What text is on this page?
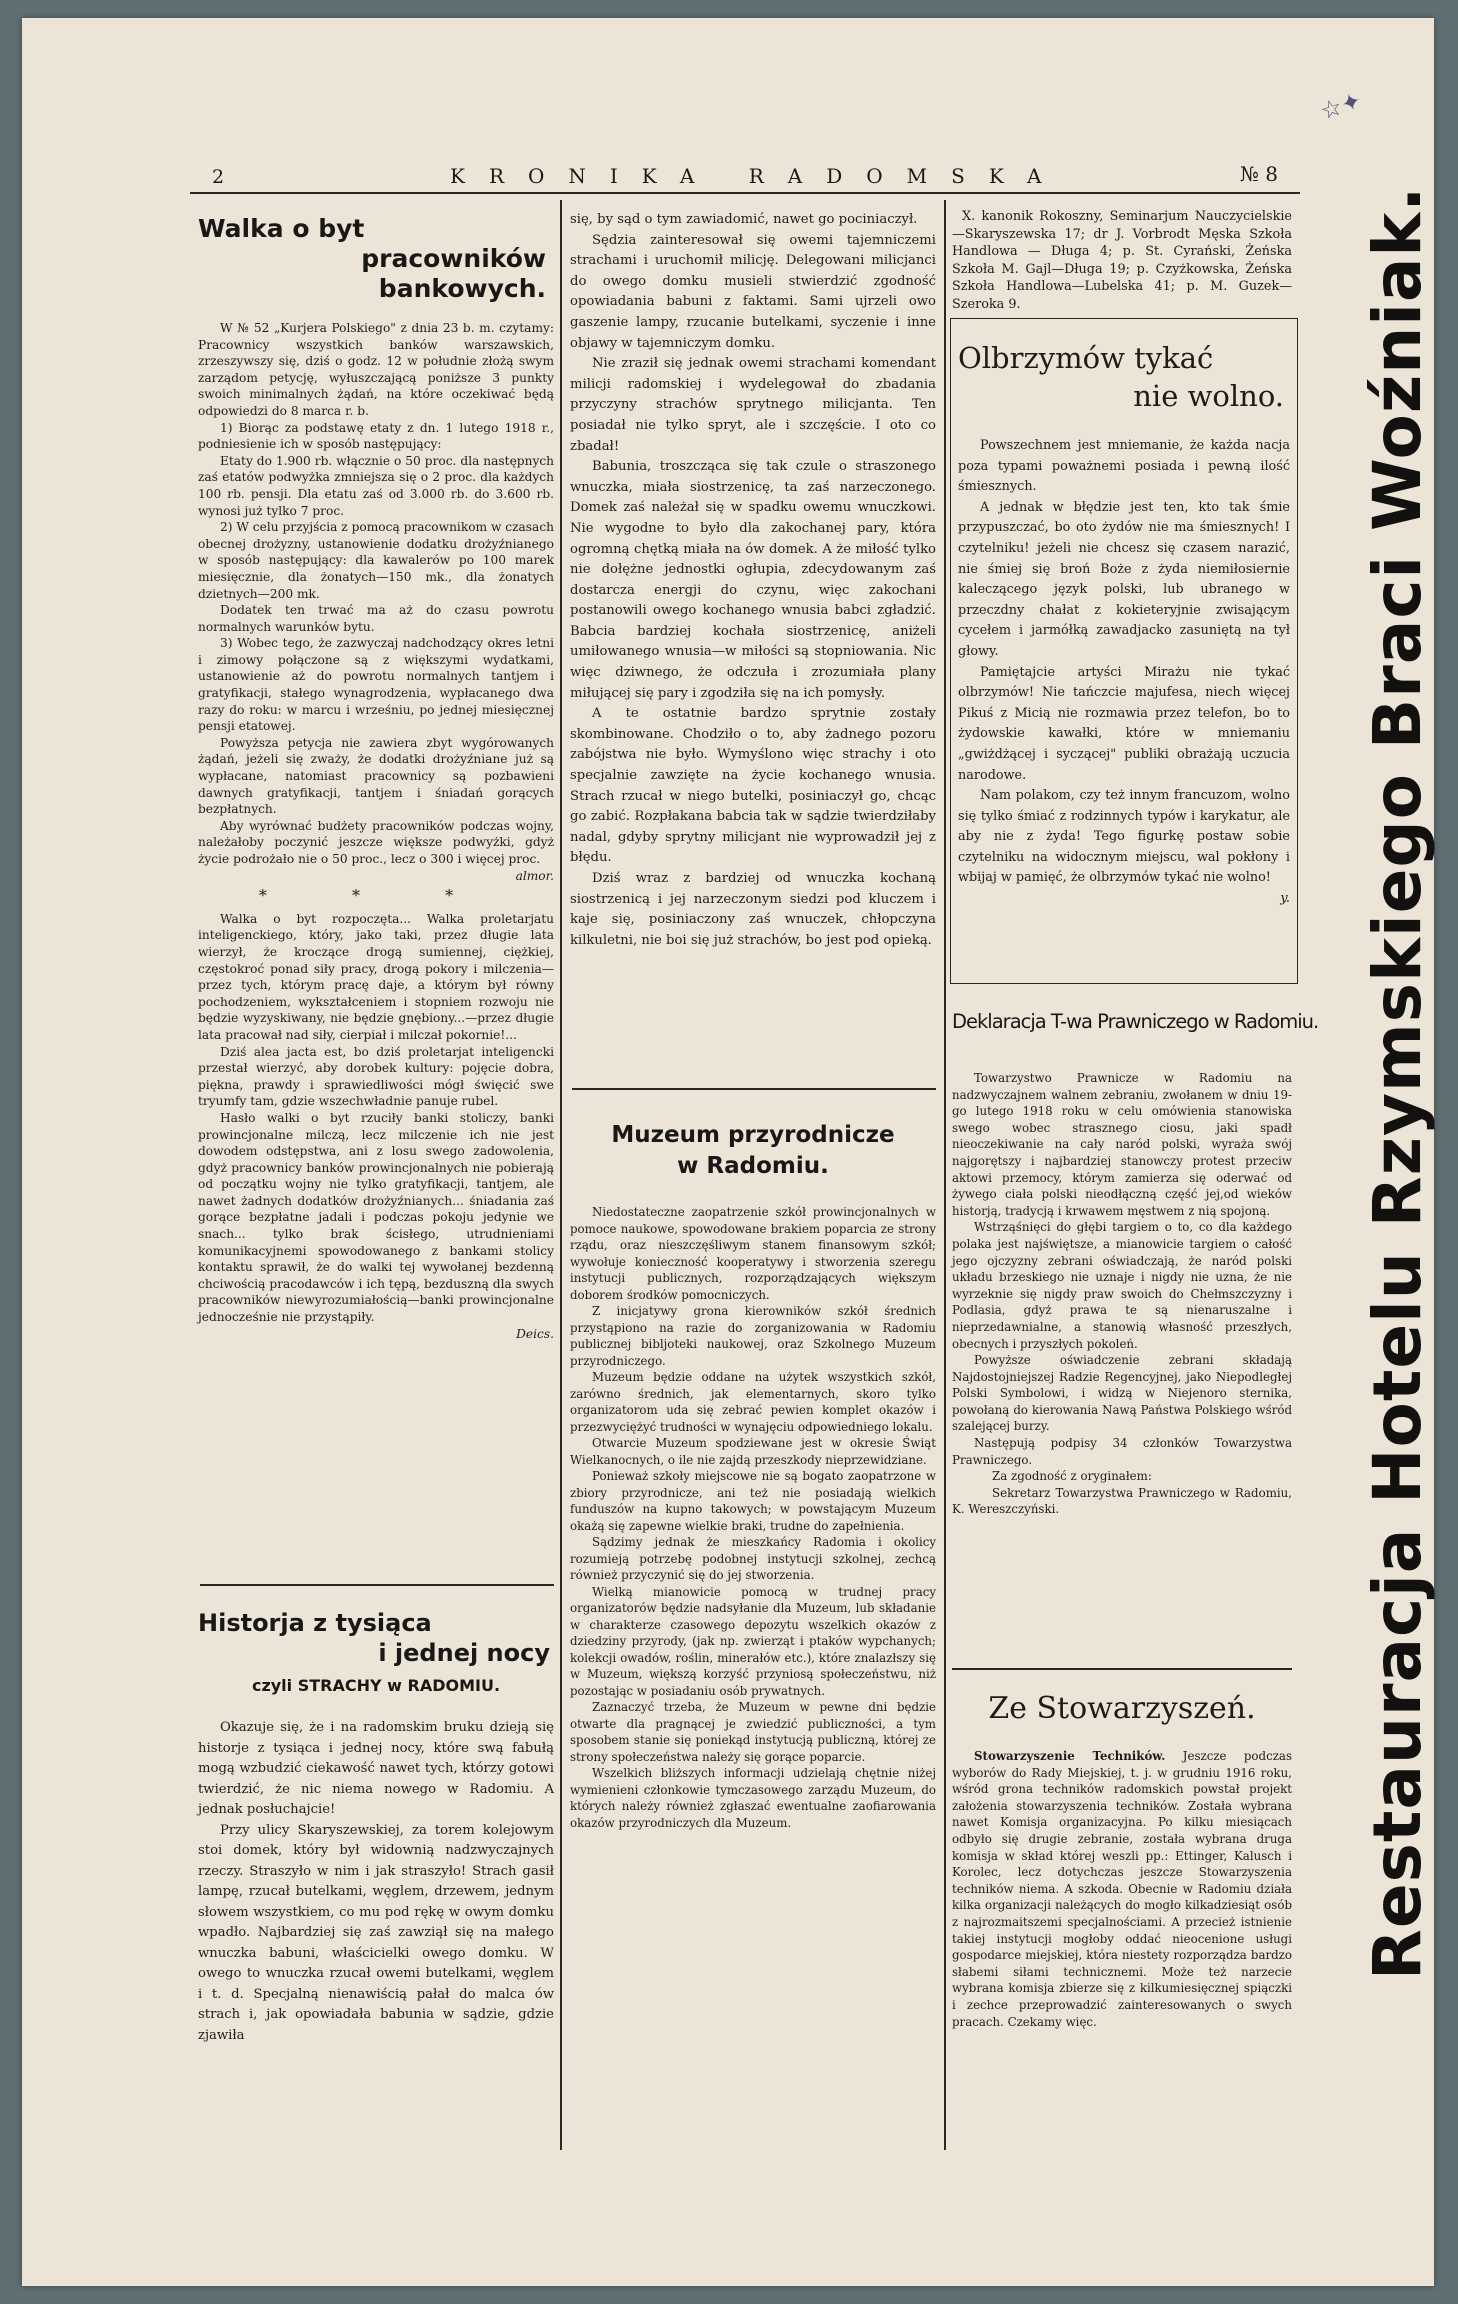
2	KRONIKA RADOMSKA	№ 8
Walka o byt
pracowników bankowych.

W № 52 „Kurjera Polskiego" z dnia 23 b. m. czytamy: Pracownicy wszystkich banków warszawskich, zrzeszywszy się, dziś o godz. 12 w południe złożą swym zarządom petycję, wyłuszczającą poniższe 3 punkty swoich minimalnych żądań, na które oczekiwać będą odpowiedzi do 8 marca r. b.

1) Biorąc za podstawę etaty z dn. 1 lutego 1918 r., podniesienie ich w sposób następujący:

Etaty do 1.900 rb. włącznie o 50 proc. dla następnych zaś etatów podwyżka zmniejsza się o 2 proc. dla każdych 100 rb. pensji. Dla etatu zaś od 3.000 rb. do 3.600 rb. wynosi już tylko 7 proc.

2) W celu przyjścia z pomocą pracownikom w czasach obecnej drożyzny, ustanowienie dodatku drożyźnianego w sposób następujący: dla kawalerów po 100 marek miesięcznie, dla żonatych—150 mk., dla żonatych dzietnych—200 mk.

Dodatek ten trwać ma aż do czasu powrotu normalnych warunków bytu.

3) Wobec tego, że zazwyczaj nadchodzący okres letni i zimowy połączone są z większymi wydatkami, ustanowienie aż do powrotu normalnych tantjem i gratyfikacji, stałego wynagrodzenia, wypłacanego dwa razy do roku: w marcu i wrześniu, po jednej miesięcznej pensji etatowej.

Powyższa petycja nie zawiera zbyt wygórowanych żądań, jeżeli się zważy, że dodatki drożyźniane już są wypłacane, natomiast pracownicy są pozbawieni dawnych gratyfikacji, tantjem i śniadań gorących bezpłatnych.

Aby wyrównać budżety pracowników podczas wojny, należałoby poczynić jeszcze większe podwyżki, gdyż życie podrożało nie o 50 proc., lecz o 300 i więcej proc.

almor.

* * *

Walka o byt rozpoczęta... Walka proletarjatu inteligenckiego, który, jako taki, przez długie lata wierzył, że kroczące drogą sumiennej, ciężkiej, częstokroć ponad siły pracy, drogą pokory i milczenia—przez tych, którym pracę daje, a którym był równy pochodzeniem, wykształceniem i stopniem rozwoju nie będzie wyzyskiwany, nie będzie gnębiony...—przez długie lata pracował nad siły, cierpiał i milczał pokornie!...

Dziś alea jacta est, bo dziś proletarjat inteligencki przestał wierzyć, aby dorobek kultury: pojęcie dobra, piękna, prawdy i sprawiedliwości mógł święcić swe tryumfy tam, gdzie wszechwładnie panuje rubel.

Hasło walki o byt rzuciły banki stoliczy, banki prowincjonalne milczą, lecz milczenie ich nie jest dowodem odstępstwa, ani z losu swego zadowolenia, gdyż pracownicy banków prowincjonalnych nie pobierają od początku wojny nie tylko gratyfikacji, tantjem, ale nawet żadnych dodatków drożyźnianych... śniadania zaś gorące bezpłatne jadali i podczas pokoju jedynie we snach... tylko brak ścisłego, utrudnieniami komunikacyjnemi spowodowanego z bankami stolicy kontaktu sprawił, że do walki tej wywołanej bezdenną chciwością pracodawców i ich tępą, bezduszną dla swych pracowników niewyrozumiałością—banki prowincjonalne jednocześnie nie przystąpiły.

Deics.

Historja z tysiąca
i jednej nocy
czyli STRACHY w RADOMIU.

Okazuje się, że i na radomskim bruku dzieją się historje z tysiąca i jednej nocy, które swą fabułą mogą wzbudzić ciekawość nawet tych, którzy gotowi twierdzić, że nic niema nowego w Radomiu. A jednak posłuchajcie!

Przy ulicy Skaryszewskiej, za torem kolejowym stoi domek, który był widownią nadzwyczajnych rzeczy. Straszyło w nim i jak straszyło! Strach gasił lampę, rzucał butelkami, węglem, drzewem, jednym słowem wszystkiem, co mu pod rękę w owym domku wpadło. Najbardziej się zaś zawziął się na małego wnuczka babuni, właścicielki owego domku. W owego to wnuczka rzucał owemi butelkami, węglem i t. d. Specjalną nienawiścią pałał do malca ów strach i, jak opowiadała babunia w sądzie, gdzie zjawiła

się, by sąd o tym zawiadomić, nawet go pociniaczył.

Sędzia zainteresował się owemi tajemniczemi strachami i uruchomił milicję. Delegowani milicjanci do owego domku musieli stwierdzić zgodność opowiadania babuni z faktami. Sami ujrzeli owo gaszenie lampy, rzucanie butelkami, syczenie i inne objawy w tajemniczym domku.

Nie zraził się jednak owemi strachami komendant milicji radomskiej i wydelegował do zbadania przyczyny strachów sprytnego milicjanta. Ten posiadał nie tylko spryt, ale i szczęście. I oto co zbadał!

Babunia, troszcząca się tak czule o straszonego wnuczka, miała siostrzenicę, ta zaś narzeczonego. Domek zaś należał się w spadku owemu wnuczkowi. Nie wygodne to było dla zakochanej pary, która ogromną chętką miała na ów domek. A że miłość tylko nie dołężne jednostki ogłupia, zdecydowanym zaś dostarcza energji do czynu, więc zakochani postanowili owego kochanego wnusia babci zgładzić. Babcia bardziej kochała siostrzenicę, aniżeli umiłowanego wnusia—w miłości są stopniowania. Nic więc dziwnego, że odczuła i zrozumiała plany miłującej się pary i zgodziła się na ich pomysły.

A te ostatnie bardzo sprytnie zostały skombinowane. Chodziło o to, aby żadnego pozoru zabójstwa nie było. Wymyślono więc strachy i oto specjalnie zawzięte na życie kochanego wnusia. Strach rzucał w niego butelki, posiniaczył go, chcąc go zabić. Rozpłakana babcia tak w sądzie twierdziłaby nadal, gdyby sprytny milicjant nie wyprowadził jej z błędu.

Dziś wraz z bardziej od wnuczka kochaną siostrzenicą i jej narzeczonym siedzi pod kluczem i kaje się, posiniaczony zaś wnuczek, chłopczyna kilkuletni, nie boi się już strachów, bo jest pod opieką.

Muzeum przyrodnicze
w Radomiu.

Niedostateczne zaopatrzenie szkół prowincjonalnych w pomoce naukowe, spowodowane brakiem poparcia ze strony rządu, oraz nieszczęśliwym stanem finansowym szkół; wywołuje konieczność kooperatywy i stworzenia szeregu instytucji publicznych, rozporządzających większym doborem środków pomocniczych.

Z inicjatywy grona kierowników szkół średnich przystąpiono na razie do zorganizowania w Radomiu publicznej bibljoteki naukowej, oraz Szkolnego Muzeum przyrodniczego.

Muzeum będzie oddane na użytek wszystkich szkół, zarówno średnich, jak elementarnych, skoro tylko organizatorom uda się zebrać pewien komplet okazów i przezwyciężyć trudności w wynajęciu odpowiedniego lokalu.

Otwarcie Muzeum spodziewane jest w okresie Świąt Wielkanocnych, o ile nie zajdą przeszkody nieprzewidziane.

Ponieważ szkoły miejscowe nie są bogato zaopatrzone w zbiory przyrodnicze, ani też nie posiadają wielkich funduszów na kupno takowych; w powstającym Muzeum okażą się zapewne wielkie braki, trudne do zapełnienia.

Sądzimy jednak że mieszkańcy Radomia i okolicy rozumieją potrzebę podobnej instytucji szkolnej, zechcą również przyczynić się do jej stworzenia.

Wielką mianowicie pomocą w trudnej pracy organizatorów będzie nadsyłanie dla Muzeum, lub składanie w charakterze czasowego depozytu wszelkich okazów z dziedziny przyrody, (jak np. zwierząt i ptaków wypchanych; kolekcji owadów, roślin, minerałów etc.), które znalazłszy się w Muzeum, większą korzyść przyniosą społeczeństwu, niż pozostając w posiadaniu osób prywatnych.

Zaznaczyć trzeba, że Muzeum w pewne dni będzie otwarte dla pragnącej je zwiedzić publiczności, a tym sposobem stanie się poniekąd instytucją publiczną, której ze strony społeczeństwa należy się gorące poparcie.

Wszelkich bliższych informacji udzielają chętnie niżej wymienieni członkowie tymczasowego zarządu Muzeum, do których należy również zgłaszać ewentualne zaofiarowania okazów przyrodniczych dla Muzeum.

X. kanonik Rokoszny, Seminarjum Nauczycielskie—Skaryszewska 17; dr J. Vorbrodt Męska Szkoła Handlowa — Długa 4; p. St. Cyrański, Żeńska Szkoła M. Gajl—Długa 19; p. Czyżkowska, Żeńska Szkoła Handlowa—Lubelska 41; p. M. Guzek—Szeroka 9.

Olbrzymów tykać
nie wolno.

Powszechnem jest mniemanie, że każda nacja poza typami poważnemi posiada i pewną ilość śmiesznych.

A jednak w błędzie jest ten, kto tak śmie przypuszczać, bo oto żydów nie ma śmiesznych! I czytelniku! jeżeli nie chcesz się czasem narazić, nie śmiej się broń Boże z żyda niemiłosiernie kaleczącego język polski, lub ubranego w przeczdny chałat z kokieteryjnie zwisającym cycełem i jarmółką zawadjacko zasuniętą na tył głowy.

Pamiętajcie artyści Mirażu nie tykać olbrzymów! Nie tańczcie majufesa, niech więcej Pikuś z Micią nie rozmawia przez telefon, bo to żydowskie kawałki, które w mniemaniu „gwiżdżącej i syczącej" publiki obrażają uczucia narodowe.

Nam polakom, czy też innym francuzom, wolno się tylko śmiać z rodzinnych typów i karykatur, ale aby nie z żyda! Tego figurkę postaw sobie czytelniku na widocznym miejscu, wal pokłony i wbijaj w pamięć, że olbrzymów tykać nie wolno!

y.

Deklaracja T-wa Prawniczego w Radomiu.

Towarzystwo Prawnicze w Radomiu na nadzwyczajnem walnem zebraniu, zwołanem w dniu 19-go lutego 1918 roku w celu omówienia stanowiska swego wobec strasznego ciosu, jaki spadł nieoczekiwanie na cały naród polski, wyraża swój najgorętszy i najbardziej stanowczy protest przeciw aktowi przemocy, którym zamierza się oderwać od żywego ciała polski nieodłączną część jej,od wieków historją, tradycją i krwawem męstwem z nią spojoną.

Wstrząśnięci do głębi targiem o to, co dla każdego polaka jest najświętsze, a mianowicie targiem o całość jego ojczyzny zebrani oświadczają, że naród polski układu brzeskiego nie uznaje i nigdy nie uzna, że nie wyrzeknie się nigdy praw swoich do Chełmszczyzny i Podlasia, gdyż prawa te są nienaruszalne i nieprzedawnialne, a stanowią własność przeszłych, obecnych i przyszłych pokoleń.

Powyższe oświadczenie zebrani składają Najdostojniejszej Radzie Regencyjnej, jako Niepodległej Polski Symbolowi, i widzą w Niejenoro sternika, powołaną do kierowania Nawą Państwa Polskiego wśród szalejącej burzy.

Następują podpisy 34 członków Towarzystwa Prawniczego.

Za zgodność z oryginałem:

Sekretarz Towarzystwa Prawniczego w Radomiu, K. Wereszczyński.

Ze Stowarzyszeń.

Stowarzyszenie Techników. Jeszcze podczas wyborów do Rady Miejskiej, t. j. w grudniu 1916 roku, wśród grona techników radomskich powstał projekt założenia stowarzyszenia techników. Została wybrana nawet Komisja organizacyjna. Po kilku miesiącach odbyło się drugie zebranie, została wybrana druga komisja w skład której weszli pp.: Ettinger, Kalusch i Korolec, lecz dotychczas jeszcze Stowarzyszenia techników niema. A szkoda. Obecnie w Radomiu działa kilka organizacji należących do mogło kilkadziesiąt osób z najrozmaitszemi specjalnościami. A przecież istnienie takiej instytucji mogłoby oddać nieocenione usługi gospodarce miejskiej, która niestety rozporządza bardzo słabemi siłami technicznemi. Może też narzecie wybrana komisja zbierze się z kilkumiesięcznej spiączki i zechce przeprowadzić zainteresowanych o swych pracach. Czekamy więc.

Restauracja Hotelu Rzymskiego Braci Woźniak.
☆✦
